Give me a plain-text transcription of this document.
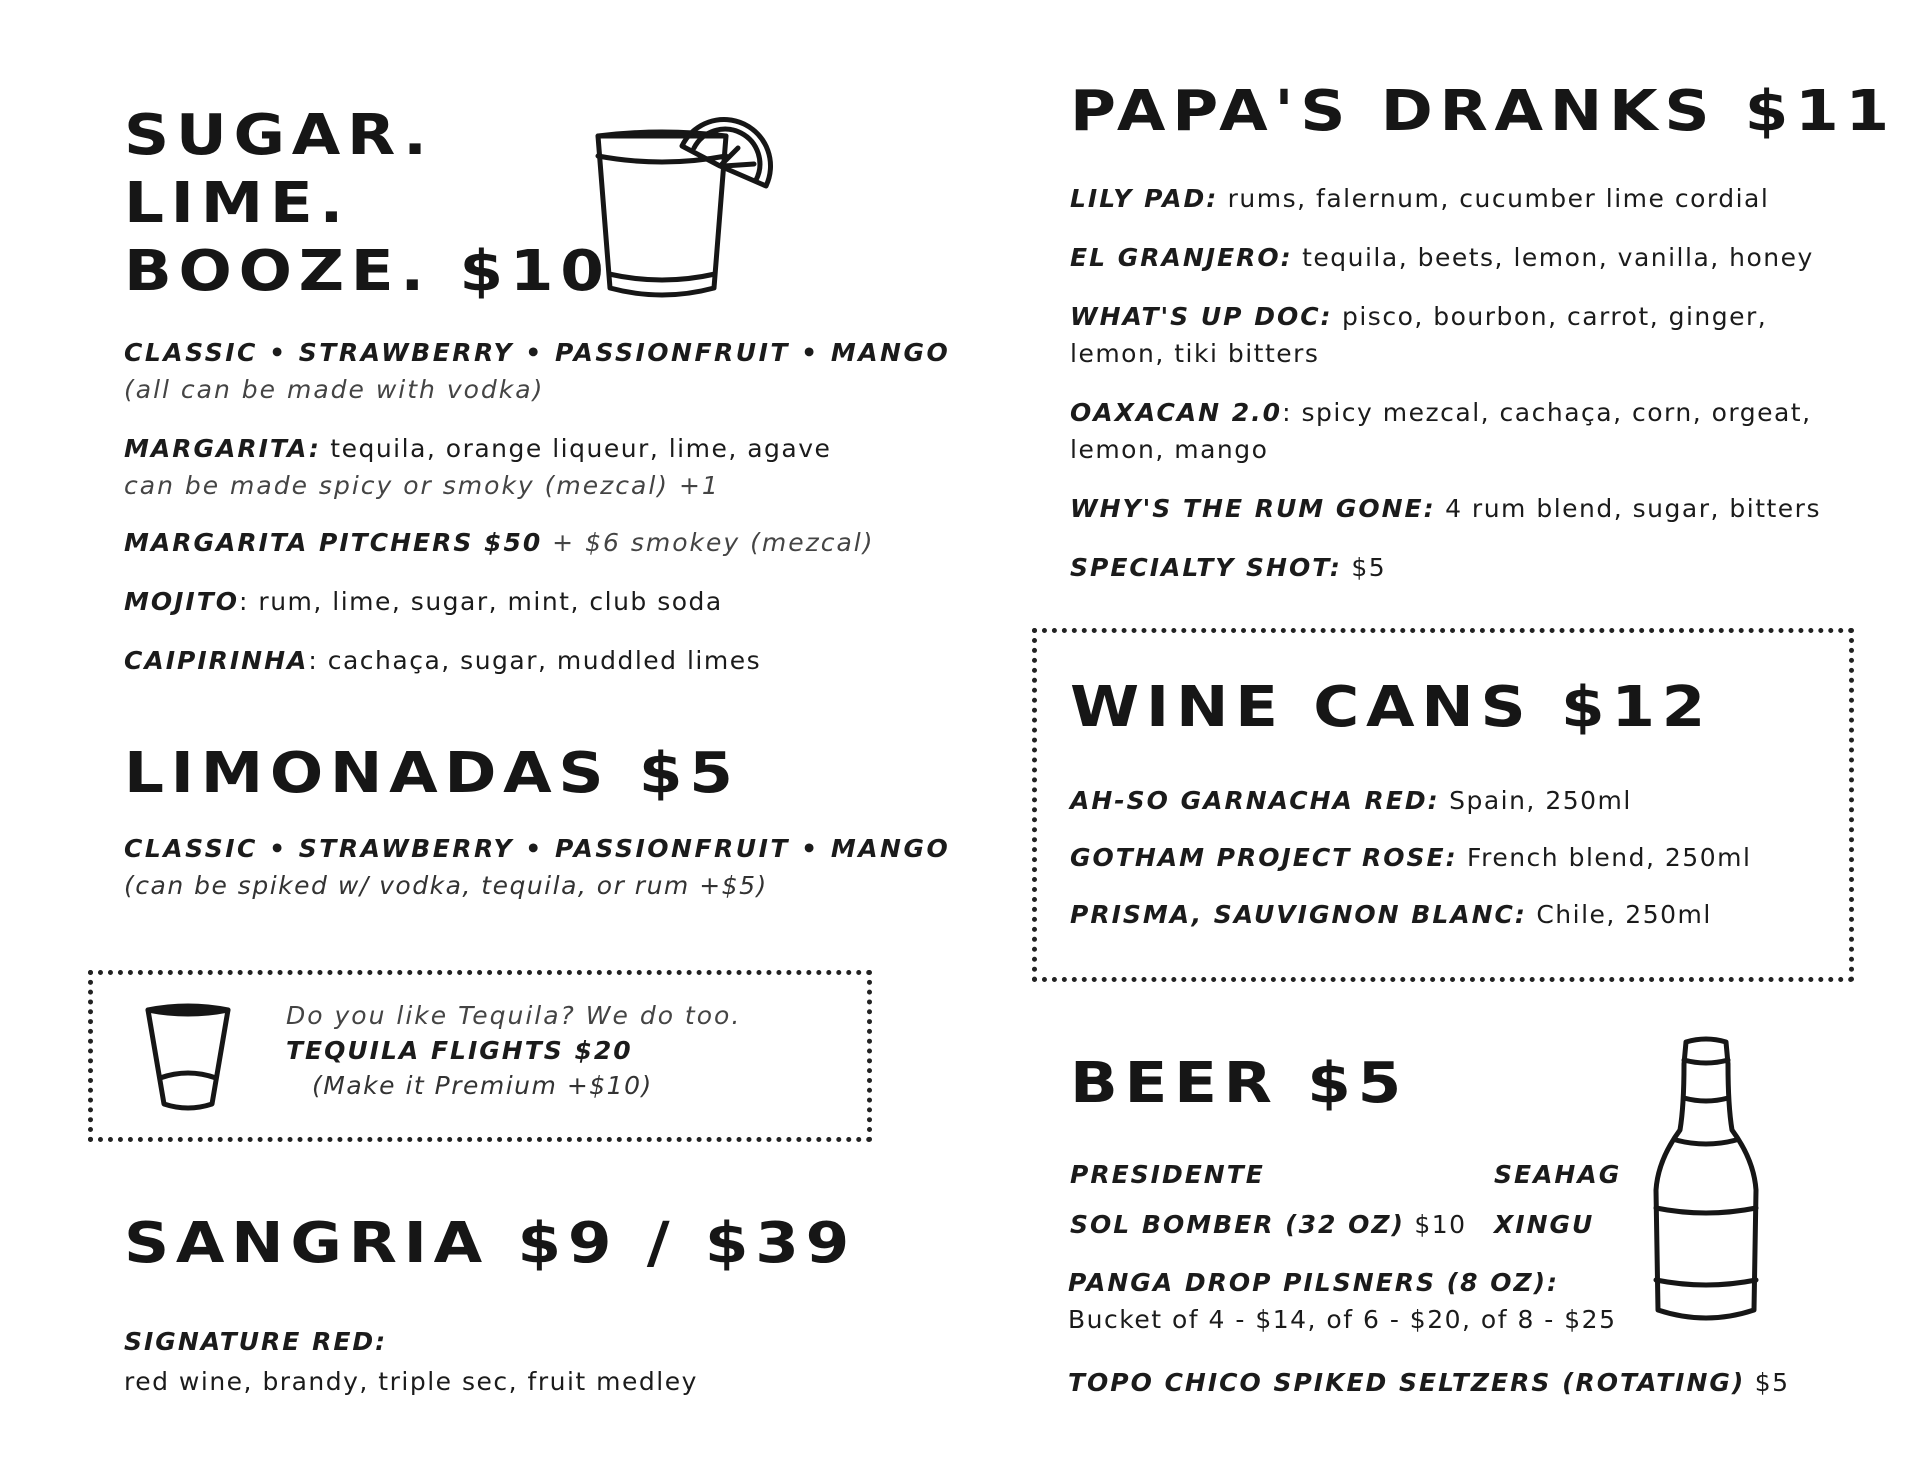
SUGAR.
LIME.
BOOZE. $10
CLASSIC • STRAWBERRY • PASSIONFRUIT • MANGO
(all can be made with vodka)
MARGARITA: tequila, orange liqueur, lime, agave
can be made spicy or smoky (mezcal) +1
MARGARITA PITCHERS $50 + $6 smokey (mezcal)
MOJITO: rum, lime, sugar, mint, club soda
CAIPIRINHA: cachaça, sugar, muddled limes
LIMONADAS $5
CLASSIC • STRAWBERRY • PASSIONFRUIT • MANGO
(can be spiked w/ vodka, tequila, or rum +$5)
Do you like Tequila? We do too.
TEQUILA FLIGHTS $20
(Make it Premium +$10)
SANGRIA $9 / $39
SIGNATURE RED:
red wine, brandy, triple sec, fruit medley
PAPA'S DRANKS $11
LILY PAD: rums, falernum, cucumber lime cordial
EL GRANJERO: tequila, beets, lemon, vanilla, honey
WHAT'S UP DOC: pisco, bourbon, carrot, ginger,
lemon, tiki bitters
OAXACAN 2.0: spicy mezcal, cachaça, corn, orgeat,
lemon, mango
WHY'S THE RUM GONE: 4 rum blend, sugar, bitters
SPECIALTY SHOT: $5
WINE CANS $12
AH-SO GARNACHA RED: Spain, 250ml
GOTHAM PROJECT ROSE: French blend, 250ml
PRISMA, SAUVIGNON BLANC: Chile, 250ml
BEER $5
PRESIDENTE
SOL BOMBER (32 OZ) $10
SEAHAG
XINGU
PANGA DROP PILSNERS (8 OZ):
Bucket of 4 - $14, of 6 - $20, of 8 - $25
TOPO CHICO SPIKED SELTZERS (ROTATING) $5
